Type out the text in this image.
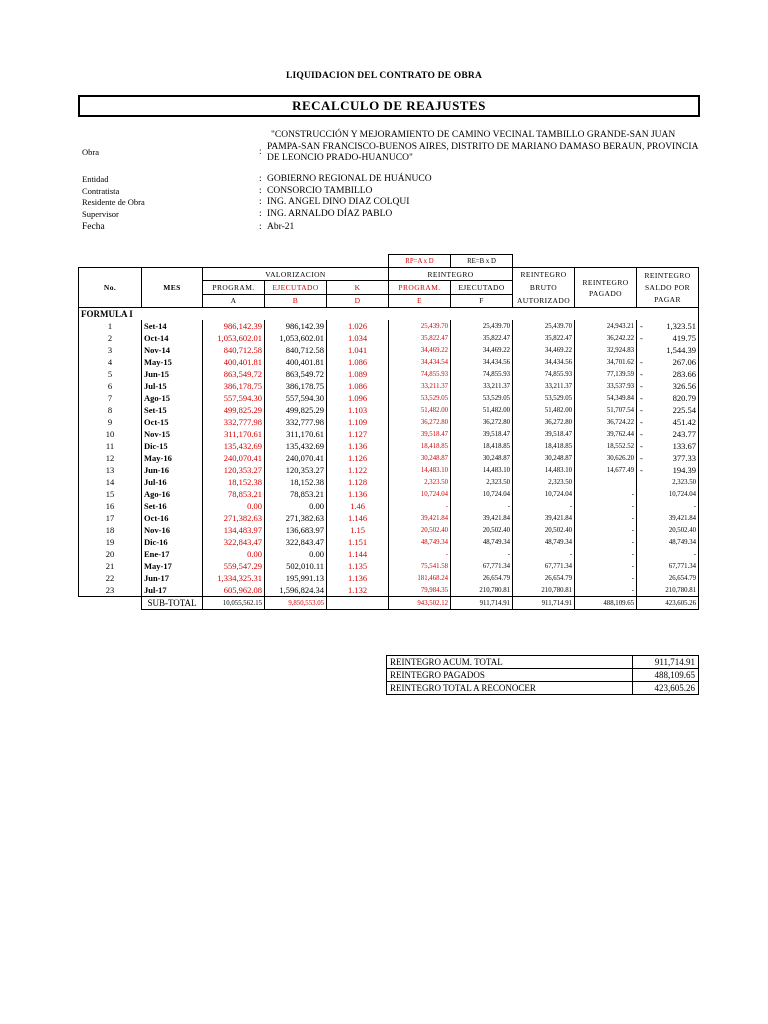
LIQUIDACION DEL CONTRATO DE OBRA
RECALCULO DE REAJUSTES
Obra	:
"CONSTRUCCIÓN Y MEJORAMIENTO DE CAMINO VECINAL TAMBILLO GRANDE-SAN JUAN PAMPA-SAN FRANCISCO-BUENOS AIRES, DISTRITO DE MARIANO DAMASO BERAUN, PROVINCIA DE LEONCIO PRADO-HUANUCO"
Entidad	: GOBIERNO REGIONAL DE HUÁNUCO
Contratista	: CONSORCIO TAMBILLO
Residente de Obra	: ING. ANGEL DINO DIAZ COLQUI
Supervisor	: ING. ARNALDO DÍAZ PABLO
Fecha	: Abr-21
					RP=A x D	RE=B x D			
No.	MES	VALORIZACION			REINTEGRO		REINTEGRO BRUTO AUTORIZADO	REINTEGRO PAGADO	REINTEGRO SALDO POR PAGAR
		PROGRAM.	EJECUTADO	K	PROGRAM.	EJECUTADO			
		A	B	D	E	F			
FORMULA I									
1	Set-14	986,142.39	986,142.39	1.026	25,439.70	25,439.70	25,439.70	24,943.21	- 1,323.51
2	Oct-14	1,053,602.01	1,053,602.01	1.034	35,822.47	35,822.47	35,822.47	36,242.22	- 419.75
3	Nov-14	840,712.58	840,712.58	1.041	34,469.22	34,469.22	34,469.22	32,924.83	1,544.39
4	May-15	400,401.81	400,401.81	1.086	34,434.54	34,434.56	34,434.56	34,701.62	- 267.06
5	Jun-15	863,549.72	863,549.72	1.089	74,855.93	74,855.93	74,855.93	77,139.59	- 283.66
6	Jul-15	386,178.75	386,178.75	1.086	33,211.37	33,211.37	33,211.37	33,537.93	- 326.56
7	Ago-15	557,594.30	557,594.30	1.096	53,529.05	53,529.05	53,529.05	54,349.84	- 820.79
8	Set-15	499,825.29	499,825.29	1.103	51,482.00	51,482.00	51,482.00	51,707.54	- 225.54
9	Oct-15	332,777.98	332,777.98	1.109	36,272.80	36,272.80	36,272.80	36,724.22	- 451.42
10	Nov-15	311,170.61	311,170.61	1.127	39,518.47	39,518.47	39,518.47	39,762.44	- 243.77
11	Dic-15	135,432.69	135,432.69	1.136	18,418.85	18,418.85	18,418.85	18,552.52	- 133.67
12	May-16	240,070.41	240,070.41	1.126	30,248.87	30,248.87	30,248.87	30,626.20	- 377.33
13	Jun-16	120,353.27	120,353.27	1.122	14,483.10	14,483.10	14,483.10	14,677.49	- 194.39
14	Jul-16	18,152.38	18,152.38	1.128	2,323.50	2,323.50	2,323.50		2,323.50
15	Ago-16	78,853.21	78,853.21	1.136	10,724.04	10,724.04	10,724.04	-	10,724.04
16	Set-16	0.00	0.00	1.46	-	-	-	-	-
17	Oct-16	271,382.63	271,382.63	1.146	39,421.84	39,421.84	39,421.84	-	39,421.84
18	Nov-16	134,483.97	136,683.97	1.15	20,502.40	20,502.40	20,502.40	-	20,502.40
19	Dic-16	322,843.47	322,843.47	1.151	48,749.34	48,749.34	48,749.34	-	48,749.34
20	Ene-17	0.00	0.00	1.144	-	-	-	-	-
21	May-17	559,547.29	502,010.11	1.135	75,541.58	67,771.34	67,771.34	-	67,771.34
22	Jun-17	1,334,325.31	195,991.13	1.136	181,468.24	26,654.79	26,654.79	-	26,654.79
23	Jul-17	605,962.08	1,596,824.34	1.132	79,984.35	210,780.81	210,780.81	-	210,780.81
	SUB-TOTAL	10,055,562.15	9,850,553.05		943,502.12	911,714.91	911,714.91	488,109.65	423,605.26
REINTEGRO ACUM. TOTAL	911,714.91
REINTEGRO PAGADOS	488,109.65
REINTEGRO TOTAL A RECONOCER	423,605.26
